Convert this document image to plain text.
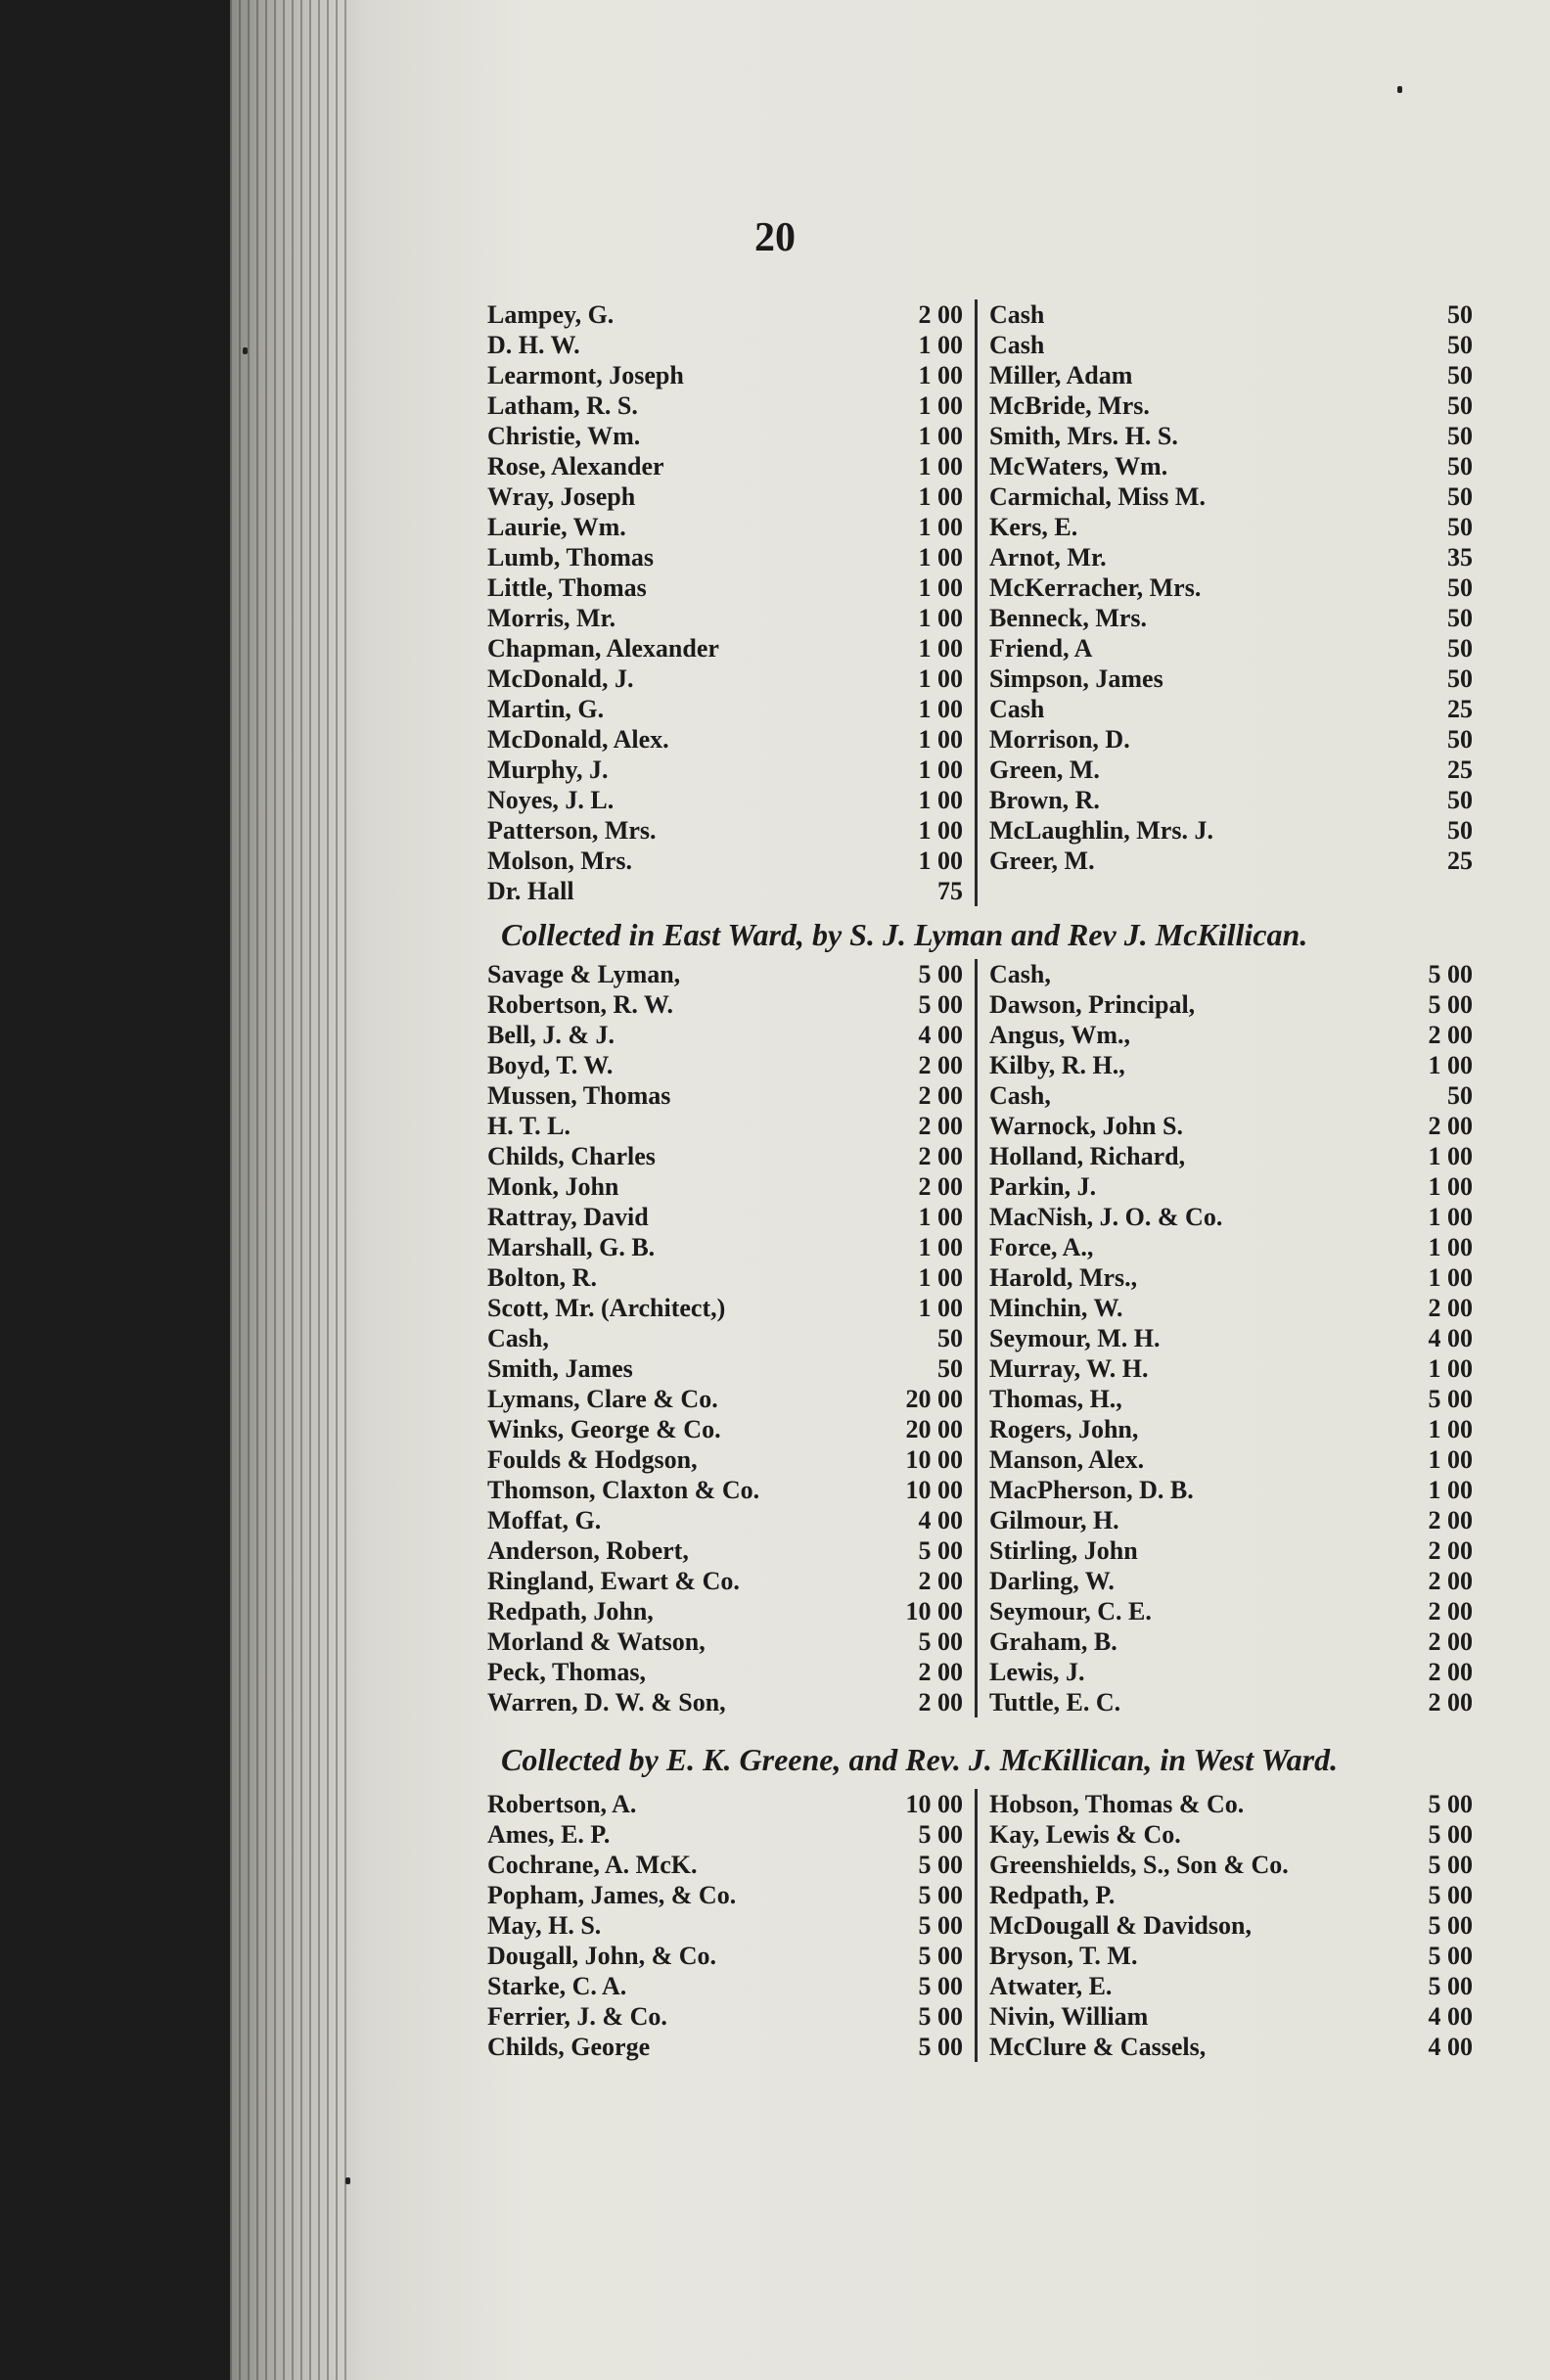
20
Lampey, G.	2 00
D. H. W.	1 00
Learmont, Joseph	1 00
Latham, R. S.	1 00
Christie, Wm.	1 00
Rose, Alexander	1 00
Wray, Joseph	1 00
Laurie, Wm.	1 00
Lumb, Thomas	1 00
Little, Thomas	1 00
Morris, Mr.	1 00
Chapman, Alexander	1 00
McDonald, J.	1 00
Martin, G.	1 00
McDonald, Alex.	1 00
Murphy, J.	1 00
Noyes, J. L.	1 00
Patterson, Mrs.	1 00
Molson, Mrs.	1 00
Dr. Hall	75
Cash	50
Cash	50
Miller, Adam	50
McBride, Mrs.	50
Smith, Mrs. H. S.	50
McWaters, Wm.	50
Carmichal, Miss M.	50
Kers, E.	50
Arnot, Mr.	35
McKerracher, Mrs.	50
Benneck, Mrs.	50
Friend, A	50
Simpson, James	50
Cash	25
Morrison, D.	50
Green, M.	25
Brown, R.	50
McLaughlin, Mrs. J.	50
Greer, M.	25
Collected in East Ward, by S. J. Lyman and Rev J. McKillican.
Savage & Lyman,	5 00
Robertson, R. W.	5 00
Bell, J. & J.	4 00
Boyd, T. W.	2 00
Mussen, Thomas	2 00
H. T. L.	2 00
Childs, Charles	2 00
Monk, John	2 00
Rattray, David	1 00
Marshall, G. B.	1 00
Bolton, R.	1 00
Scott, Mr. (Architect,)	1 00
Cash,	50
Smith, James	50
Lymans, Clare & Co.	20 00
Winks, George & Co.	20 00
Foulds & Hodgson,	10 00
Thomson, Claxton & Co.	10 00
Moffat, G.	4 00
Anderson, Robert,	5 00
Ringland, Ewart & Co.	2 00
Redpath, John,	10 00
Morland & Watson,	5 00
Peck, Thomas,	2 00
Warren, D. W. & Son,	2 00
Cash,	5 00
Dawson, Principal,	5 00
Angus, Wm.,	2 00
Kilby, R. H.,	1 00
Cash,	50
Warnock, John S.	2 00
Holland, Richard,	1 00
Parkin, J.	1 00
MacNish, J. O. & Co.	1 00
Force, A.,	1 00
Harold, Mrs.,	1 00
Minchin, W.	2 00
Seymour, M. H.	4 00
Murray, W. H.	1 00
Thomas, H.,	5 00
Rogers, John,	1 00
Manson, Alex.	1 00
MacPherson, D. B.	1 00
Gilmour, H.	2 00
Stirling, John	2 00
Darling, W.	2 00
Seymour, C. E.	2 00
Graham, B.	2 00
Lewis, J.	2 00
Tuttle, E. C.	2 00
Collected by E. K. Greene, and Rev. J. McKillican, in West Ward.
Robertson, A.	10 00
Ames, E. P.	5 00
Cochrane, A. McK.	5 00
Popham, James, & Co.	5 00
May, H. S.	5 00
Dougall, John, & Co.	5 00
Starke, C. A.	5 00
Ferrier, J. & Co.	5 00
Childs, George	5 00
Hobson, Thomas & Co.	5 00
Kay, Lewis & Co.	5 00
Greenshields, S., Son & Co.	5 00
Redpath, P.	5 00
McDougall & Davidson,	5 00
Bryson, T. M.	5 00
Atwater, E.	5 00
Nivin, William	4 00
McClure & Cassels,	4 00
